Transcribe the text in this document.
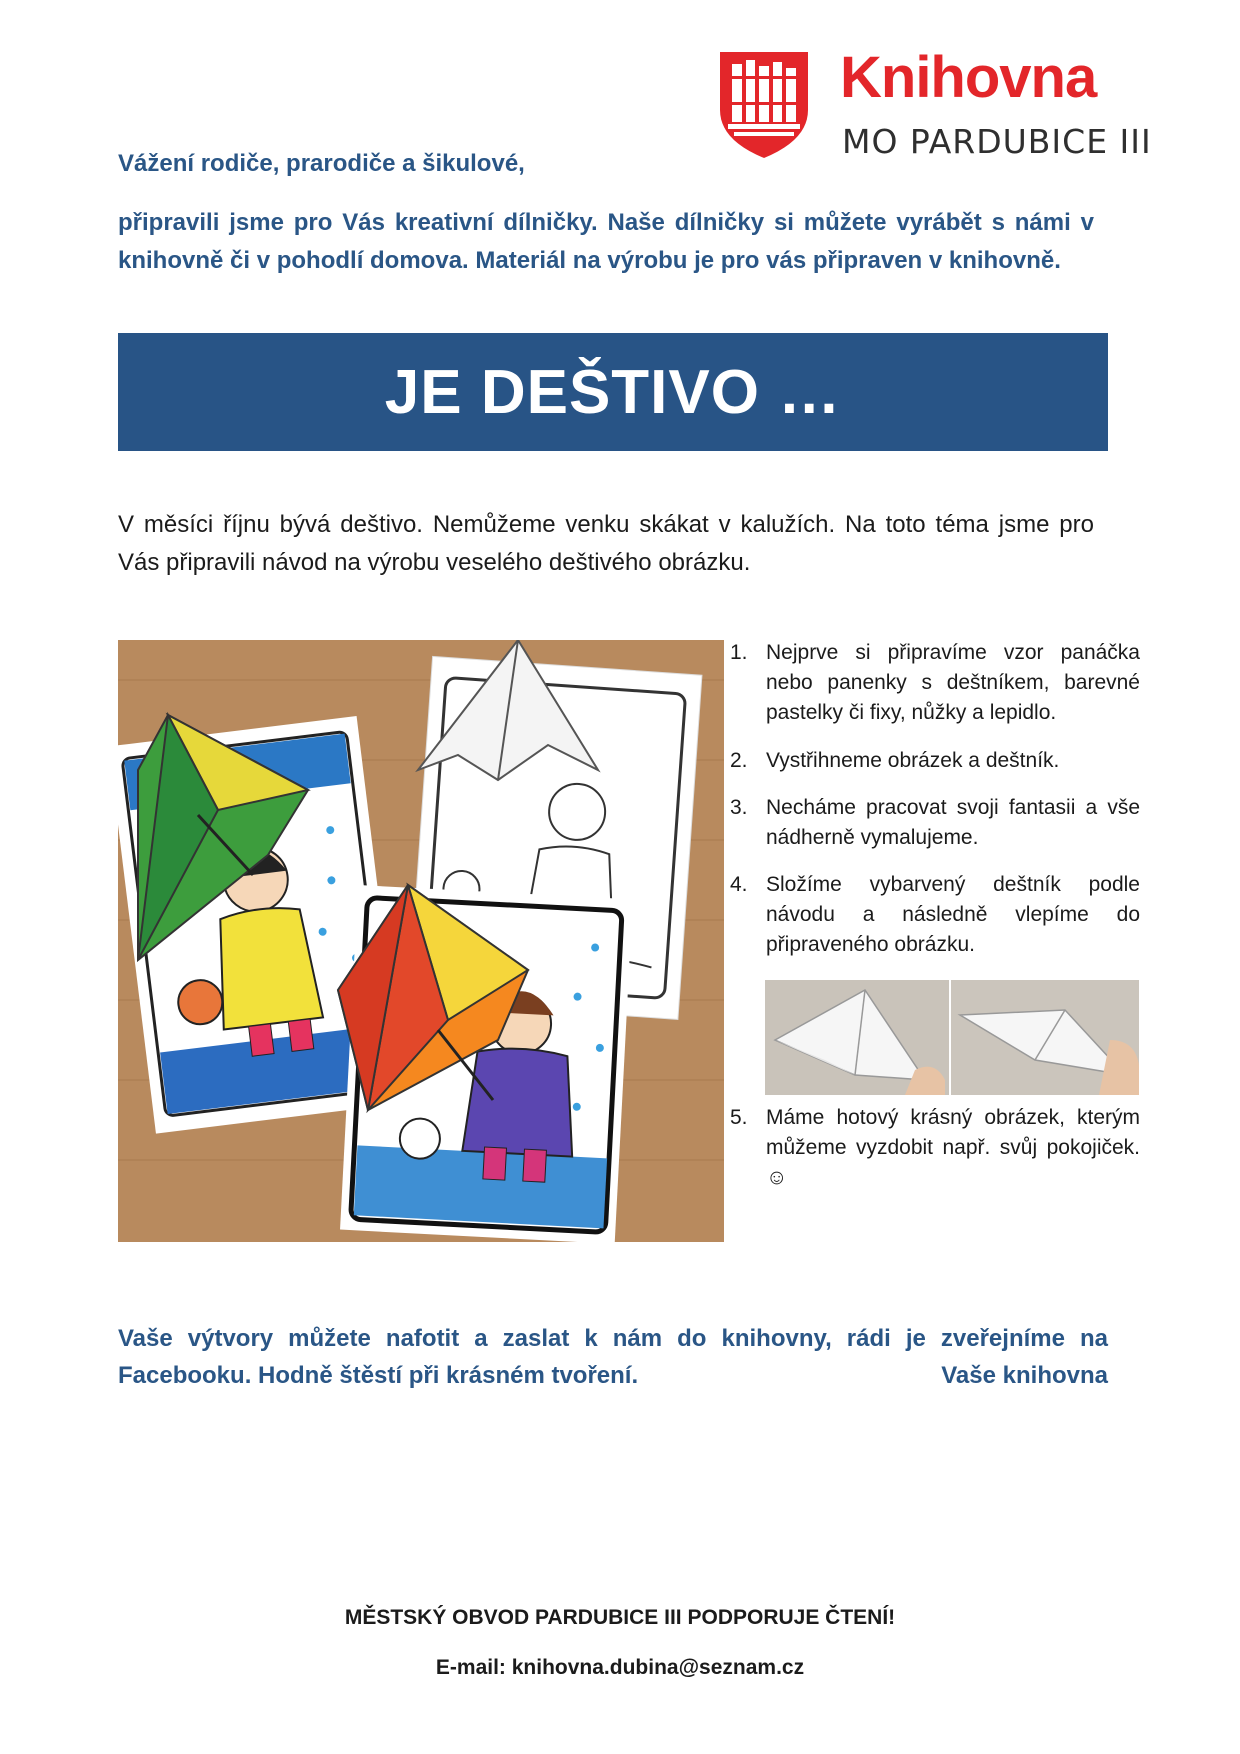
Knihovna
MO PARDUBICE III
Vážení rodiče, prarodiče a šikulové,
připravili jsme pro Vás kreativní dílničky. Naše dílničky si můžete vyrábět s námi v knihovně či v pohodlí domova. Materiál na výrobu je pro vás připraven v knihovně.
JE DEŠTIVO …
V měsíci říjnu bývá deštivo. Nemůžeme venku skákat v kalužích. Na toto téma jsme pro Vás připravili návod na výrobu veselého deštivého obrázku.
1. Nejprve si připravíme vzor panáčka nebo panenky s deštníkem, barevné pastelky či fixy, nůžky a lepidlo.
2. Vystřihneme obrázek a deštník.
3. Necháme pracovat svoji fantasii a vše nádherně vymalujeme.
4. Složíme vybarvený deštník podle návodu a následně vlepíme do připraveného obrázku.
5. Máme hotový krásný obrázek, kterým můžeme vyzdobit např. svůj pokojiček. ☺
Vaše výtvory můžete nafotit a zaslat k nám do knihovny, rádi je zveřejníme na Facebooku. Hodně štěstí při krásném tvoření.	Vaše knihovna
MĚSTSKÝ OBVOD PARDUBICE III PODPORUJE ČTENÍ!
E-mail: knihovna.dubina@seznam.cz
